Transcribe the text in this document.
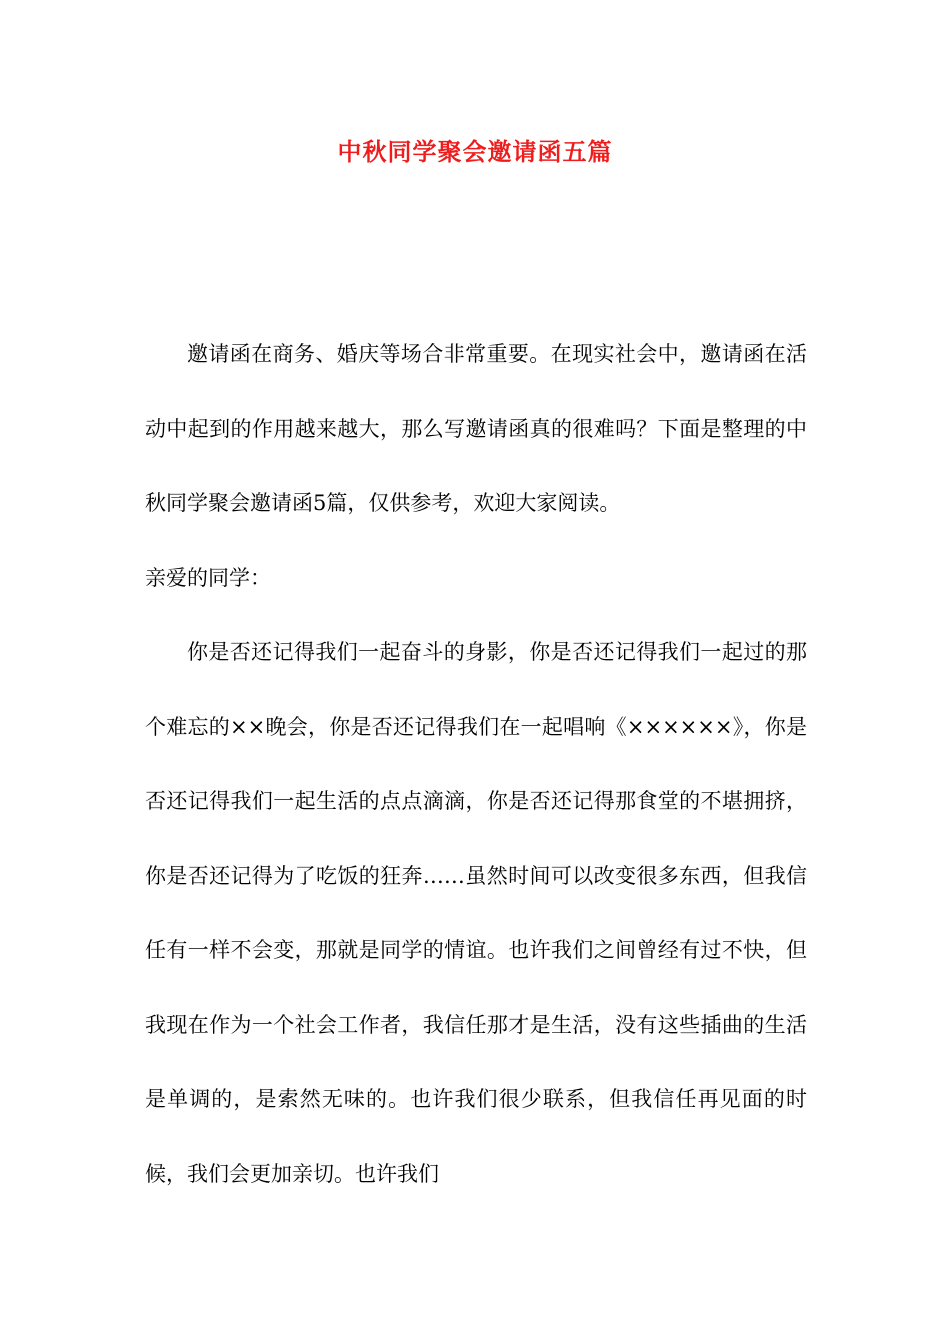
中秋同学聚会邀请函五篇

邀请函在商务、婚庆等场合非常重要。在现实社会中，邀请函在活动中起到的作用越来越大，那么写邀请函真的很难吗？下面是整理的中秋同学聚会邀请函5篇，仅供参考，欢迎大家阅读。

亲爱的同学：

你是否还记得我们一起奋斗的身影，你是否还记得我们一起过的那个难忘的××晚会，你是否还记得我们在一起唱响《××××××》，你是否还记得我们一起生活的点点滴滴，你是否还记得那食堂的不堪拥挤，你是否还记得为了吃饭的狂奔……虽然时间可以改变很多东西，但我信任有一样不会变，那就是同学的情谊。也许我们之间曾经有过不快，但我现在作为一个社会工作者，我信任那才是生活，没有这些插曲的生活是单调的，是索然无味的。也许我们很少联系，但我信任再见面的时候，我们会更加亲切。也许我们
